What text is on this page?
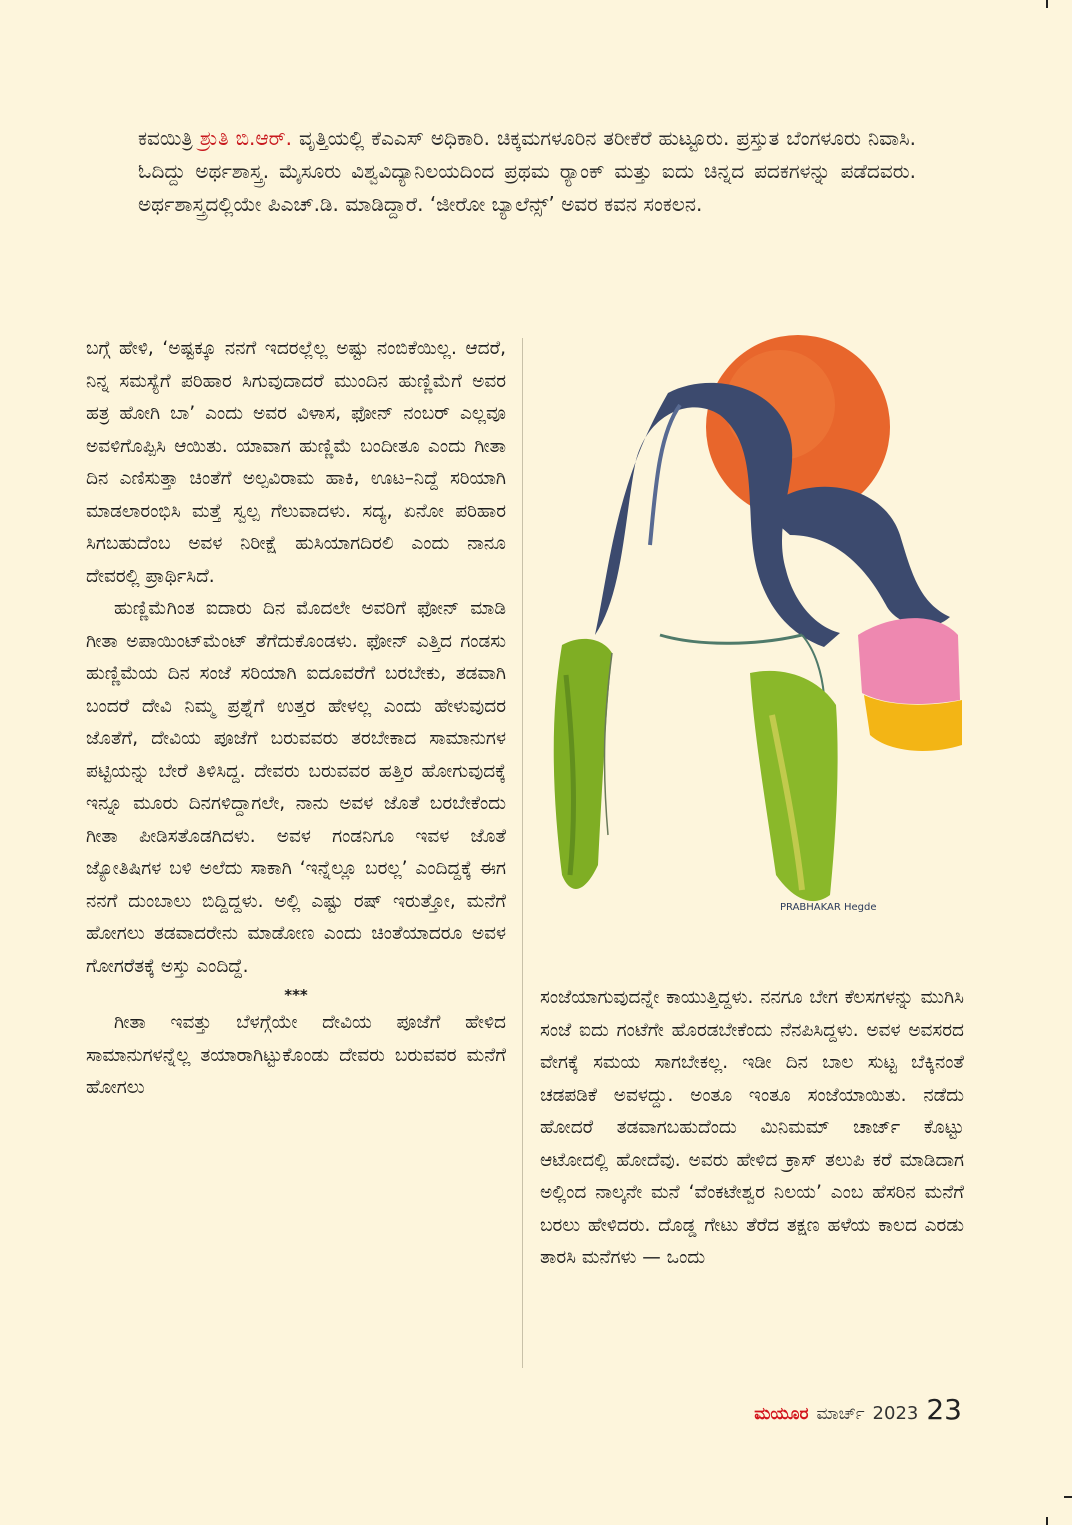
ಕವಯಿತ್ರಿ ಶ್ರುತಿ ಬಿ.ಆರ್. ವೃತ್ತಿಯಲ್ಲಿ ಕೆಎಎಸ್ ಅಧಿಕಾರಿ. ಚಿಕ್ಕಮಗಳೂರಿನ ತರೀಕೆರೆ ಹುಟ್ಟೂರು. ಪ್ರಸ್ತುತ ಬೆಂಗಳೂರು ನಿವಾಸಿ. ಓದಿದ್ದು ಅರ್ಥಶಾಸ್ತ್ರ. ಮೈಸೂರು ವಿಶ್ವವಿದ್ಯಾನಿಲಯದಿಂದ ಪ್ರಥಮ ರ್‍ಯಾಂಕ್ ಮತ್ತು ಐದು ಚಿನ್ನದ ಪದಕಗಳನ್ನು ಪಡೆದವರು. ಅರ್ಥಶಾಸ್ತ್ರದಲ್ಲಿಯೇ ಪಿಎಚ್.ಡಿ. ಮಾಡಿದ್ದಾರೆ. ‘ಜೀರೋ ಬ್ಯಾಲೆನ್ಸ್’ ಅವರ ಕವನ ಸಂಕಲನ.

ಬಗ್ಗೆ ಹೇಳಿ, ‘ಅಷ್ಟಕ್ಕೂ ನನಗೆ ಇದರಲ್ಲೆಲ್ಲ ಅಷ್ಟು ನಂಬಿಕೆಯಿಲ್ಲ. ಆದರೆ, ನಿನ್ನ ಸಮಸ್ಯೆಗೆ ಪರಿಹಾರ ಸಿಗುವುದಾದರೆ ಮುಂದಿನ ಹುಣ್ಣಿಮೆಗೆ ಅವರ ಹತ್ರ ಹೋಗಿ ಬಾ’ ಎಂದು ಅವರ ವಿಳಾಸ, ಫೋನ್ ನಂಬರ್ ಎಲ್ಲವೂ ಅವಳಿಗೊಪ್ಪಿಸಿ ಆಯಿತು. ಯಾವಾಗ ಹುಣ್ಣಿಮೆ ಬಂದೀತೂ ಎಂದು ಗೀತಾ ದಿನ ಎಣಿಸುತ್ತಾ ಚಿಂತೆಗೆ ಅಲ್ಪವಿರಾಮ ಹಾಕಿ, ಊಟ–ನಿದ್ದೆ ಸರಿಯಾಗಿ ಮಾಡಲಾರಂಭಿಸಿ ಮತ್ತೆ ಸ್ವಲ್ಪ ಗೆಲುವಾದಳು. ಸದ್ಯ, ಏನೋ ಪರಿಹಾರ ಸಿಗಬಹುದೆಂಬ ಅವಳ ನಿರೀಕ್ಷೆ ಹುಸಿಯಾಗದಿರಲಿ ಎಂದು ನಾನೂ ದೇವರಲ್ಲಿ ಪ್ರಾರ್ಥಿಸಿದೆ.

ಹುಣ್ಣಿಮೆಗಿಂತ ಐದಾರು ದಿನ ಮೊದಲೇ ಅವರಿಗೆ ಫೋನ್ ಮಾಡಿ ಗೀತಾ ಅಪಾಯಿಂಟ್‌ಮೆಂಟ್ ತೆಗೆದುಕೊಂಡಳು. ಫೋನ್ ಎತ್ತಿದ ಗಂಡಸು ಹುಣ್ಣಿಮೆಯ ದಿನ ಸಂಜೆ ಸರಿಯಾಗಿ ಐದೂವರೆಗೆ ಬರಬೇಕು, ತಡವಾಗಿ ಬಂದರೆ ದೇವಿ ನಿಮ್ಮ ಪ್ರಶ್ನೆಗೆ ಉತ್ತರ ಹೇಳಲ್ಲ ಎಂದು ಹೇಳುವುದರ ಜೊತೆಗೆ, ದೇವಿಯ ಪೂಜೆಗೆ ಬರುವವರು ತರಬೇಕಾದ ಸಾಮಾನುಗಳ ಪಟ್ಟಿಯನ್ನು ಬೇರೆ ತಿಳಿಸಿದ್ದ. ದೇವರು ಬರುವವರ ಹತ್ತಿರ ಹೋಗುವುದಕ್ಕೆ ಇನ್ನೂ ಮೂರು ದಿನಗಳಿದ್ದಾಗಲೇ, ನಾನು ಅವಳ ಜೊತೆ ಬರಬೇಕೆಂದು ಗೀತಾ ಪೀಡಿಸತೊಡಗಿದಳು. ಅವಳ ಗಂಡನಿಗೂ ಇವಳ ಜೊತೆ ಜ್ಯೋತಿಷಿಗಳ ಬಳಿ ಅಲೆದು ಸಾಕಾಗಿ ‘ಇನ್ನೆಲ್ಲೂ ಬರಲ್ಲ’ ಎಂದಿದ್ದಕ್ಕೆ ಈಗ ನನಗೆ ದುಂಬಾಲು ಬಿದ್ದಿದ್ದಳು. ಅಲ್ಲಿ ಎಷ್ಟು ರಷ್ ಇರುತ್ತೋ, ಮನೆಗೆ ಹೋಗಲು ತಡವಾದರೇನು ಮಾಡೋಣ ಎಂದು ಚಿಂತೆಯಾದರೂ ಅವಳ ಗೋಗರೆತಕ್ಕೆ ಅಸ್ತು ಎಂದಿದ್ದೆ.

***

ಗೀತಾ ಇವತ್ತು ಬೆಳಗ್ಗೆಯೇ ದೇವಿಯ ಪೂಜೆಗೆ ಹೇಳಿದ ಸಾಮಾನುಗಳನ್ನೆಲ್ಲ ತಯಾರಾಗಿಟ್ಟುಕೊಂಡು ದೇವರು ಬರುವವರ ಮನೆಗೆ ಹೋಗಲು

PRABHAKAR Hegde

ಸಂಜೆಯಾಗುವುದನ್ನೇ ಕಾಯುತ್ತಿದ್ದಳು. ನನಗೂ ಬೇಗ ಕೆಲಸಗಳನ್ನು ಮುಗಿಸಿ ಸಂಜೆ ಐದು ಗಂಟೆಗೇ ಹೊರಡಬೇಕೆಂದು ನೆನಪಿಸಿದ್ದಳು. ಅವಳ ಅವಸರದ ವೇಗಕ್ಕೆ ಸಮಯ ಸಾಗಬೇಕಲ್ಲ. ಇಡೀ ದಿನ ಬಾಲ ಸುಟ್ಟ ಬೆಕ್ಕಿನಂತೆ ಚಡಪಡಿಕೆ ಅವಳದ್ದು. ಅಂತೂ ಇಂತೂ ಸಂಜೆಯಾಯಿತು. ನಡೆದು ಹೋದರೆ ತಡವಾಗಬಹುದೆಂದು ಮಿನಿಮಮ್ ಚಾರ್ಜ್ ಕೊಟ್ಟು ಆಟೋದಲ್ಲಿ ಹೋದೆವು. ಅವರು ಹೇಳಿದ ಕ್ರಾಸ್ ತಲುಪಿ ಕರೆ ಮಾಡಿದಾಗ ಅಲ್ಲಿಂದ ನಾಲ್ಕನೇ ಮನೆ ‘ವೆಂಕಟೇಶ್ವರ ನಿಲಯ’ ಎಂಬ ಹೆಸರಿನ ಮನೆಗೆ ಬರಲು ಹೇಳಿದರು. ದೊಡ್ಡ ಗೇಟು ತೆರೆದ ತಕ್ಷಣ ಹಳೆಯ ಕಾಲದ ಎರಡು ತಾರಸಿ ಮನೆಗಳು — ಒಂದು

ಮಯೂರ ಮಾರ್ಚ್ 2023 23
